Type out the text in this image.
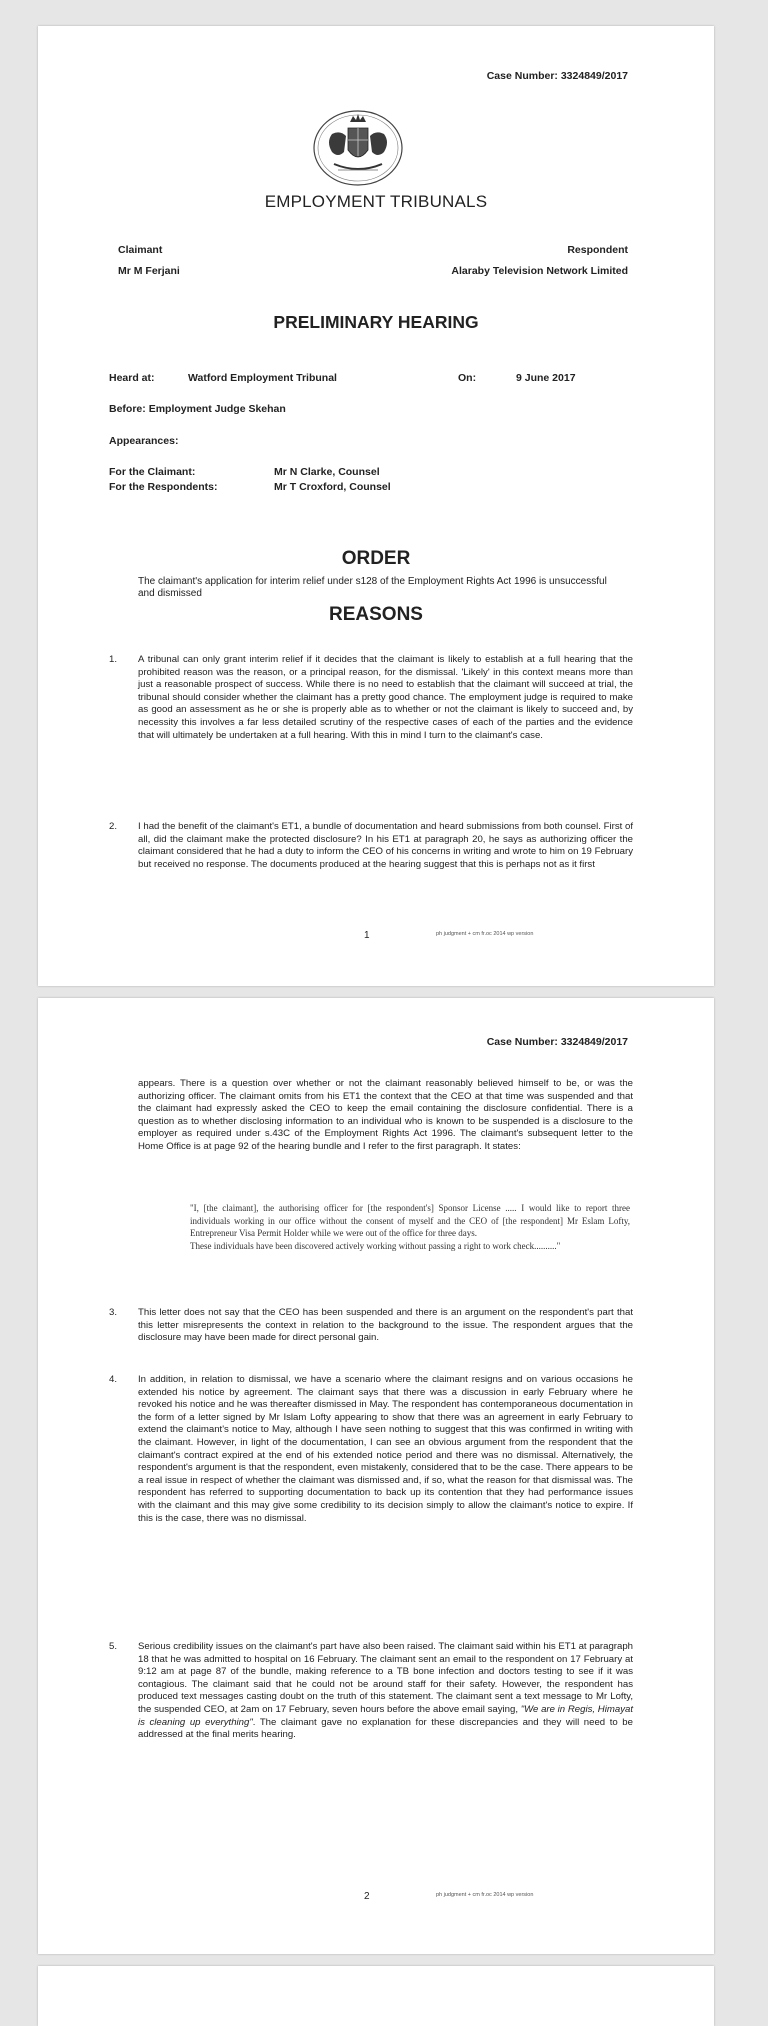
Case Number: 3324849/2017
EMPLOYMENT TRIBUNALS
Claimant
Mr M Ferjani
Respondent
Alaraby Television Network Limited
PRELIMINARY HEARING
Heard at:	Watford Employment Tribunal	On:	9 June 2017
Before: Employment Judge Skehan
Appearances:
For the Claimant:	Mr N Clarke, Counsel
For the Respondents:	Mr T Croxford, Counsel
ORDER
The claimant's application for interim relief under s128 of the Employment Rights Act 1996 is unsuccessful and dismissed
REASONS
1. A tribunal can only grant interim relief if it decides that the claimant is likely to establish at a full hearing that the prohibited reason was the reason, or a principal reason, for the dismissal. 'Likely' in this context means more than just a reasonable prospect of success. While there is no need to establish that the claimant will succeed at trial, the tribunal should consider whether the claimant has a pretty good chance. The employment judge is required to make as good an assessment as he or she is properly able as to whether or not the claimant is likely to succeed and, by necessity this involves a far less detailed scrutiny of the respective cases of each of the parties and the evidence that will ultimately be undertaken at a full hearing. With this in mind I turn to the claimant's case.
2. I had the benefit of the claimant's ET1, a bundle of documentation and heard submissions from both counsel. First of all, did the claimant make the protected disclosure? In his ET1 at paragraph 20, he says as authorizing officer the claimant considered that he had a duty to inform the CEO of his concerns in writing and wrote to him on 19 February but received no response. The documents produced at the hearing suggest that this is perhaps not as it first
1	ph judgment + cm fr.oc 2014 wp version
Case Number: 3324849/2017
appears. There is a question over whether or not the claimant reasonably believed himself to be, or was the authorizing officer. The claimant omits from his ET1 the context that the CEO at that time was suspended and that the claimant had expressly asked the CEO to keep the email containing the disclosure confidential. There is a question as to whether disclosing information to an individual who is known to be suspended is a disclosure to the employer as required under s.43C of the Employment Rights Act 1996. The claimant's subsequent letter to the Home Office is at page 92 of the hearing bundle and I refer to the first paragraph. It states:
"I, [the claimant], the authorising officer for [the respondent's] Sponsor License ..... I would like to report three individuals working in our office without the consent of myself and the CEO of [the respondent] Mr Eslam Lofty, Entrepreneur Visa Permit Holder while we were out of the office for three days.
These individuals have been discovered actively working without passing a right to work check.........."
3. This letter does not say that the CEO has been suspended and there is an argument on the respondent's part that this letter misrepresents the context in relation to the background to the issue. The respondent argues that the disclosure may have been made for direct personal gain.
4. In addition, in relation to dismissal, we have a scenario where the claimant resigns and on various occasions he extended his notice by agreement. The claimant says that there was a discussion in early February where he revoked his notice and he was thereafter dismissed in May. The respondent has contemporaneous documentation in the form of a letter signed by Mr Islam Lofty appearing to show that there was an agreement in early February to extend the claimant's notice to May, although I have seen nothing to suggest that this was confirmed in writing with the claimant. However, in light of the documentation, I can see an obvious argument from the respondent that the claimant's contract expired at the end of his extended notice period and there was no dismissal. Alternatively, the respondent's argument is that the respondent, even mistakenly, considered that to be the case. There appears to be a real issue in respect of whether the claimant was dismissed and, if so, what the reason for that dismissal was. The respondent has referred to supporting documentation to back up its contention that they had performance issues with the claimant and this may give some credibility to its decision simply to allow the claimant's notice to expire. If this is the case, there was no dismissal.
5. Serious credibility issues on the claimant's part have also been raised. The claimant said within his ET1 at paragraph 18 that he was admitted to hospital on 16 February. The claimant sent an email to the respondent on 17 February at 9:12 am at page 87 of the bundle, making reference to a TB bone infection and doctors testing to see if it was contagious. The claimant said that he could not be around staff for their safety. However, the respondent has produced text messages casting doubt on the truth of this statement. The claimant sent a text message to Mr Lofty, the suspended CEO, at 2am on 17 February, seven hours before the above email saying, "We are in Regis, Himayat is cleaning up everything". The claimant gave no explanation for these discrepancies and they will need to be addressed at the final merits hearing.
2	ph judgment + cm fr.oc 2014 wp version
